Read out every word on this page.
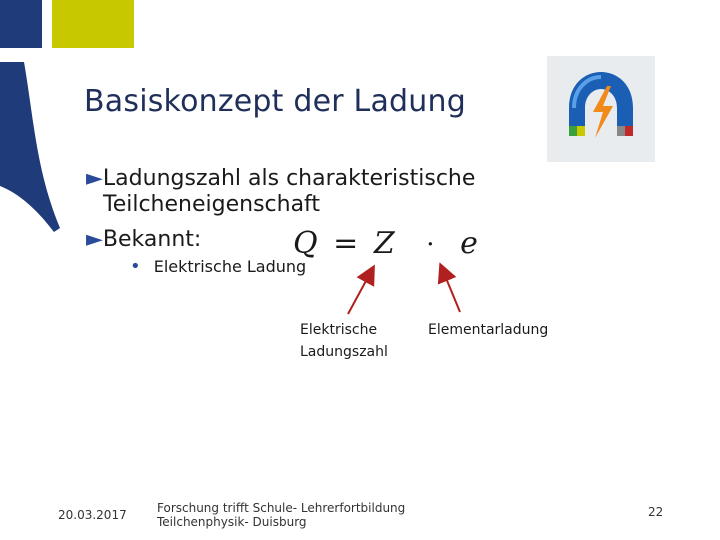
Basiskonzept der Ladung
►Ladungszahl als charakteristische
Teilcheneigenschaft
►Bekannt:
• Elektrische Ladung
Q = Z · e
Elektrische
Ladungszahl
Elementarladung
20.03.2017	Forschung trifft Schule- Lehrerfortbildung
Teilchenphysik- Duisburg
22
